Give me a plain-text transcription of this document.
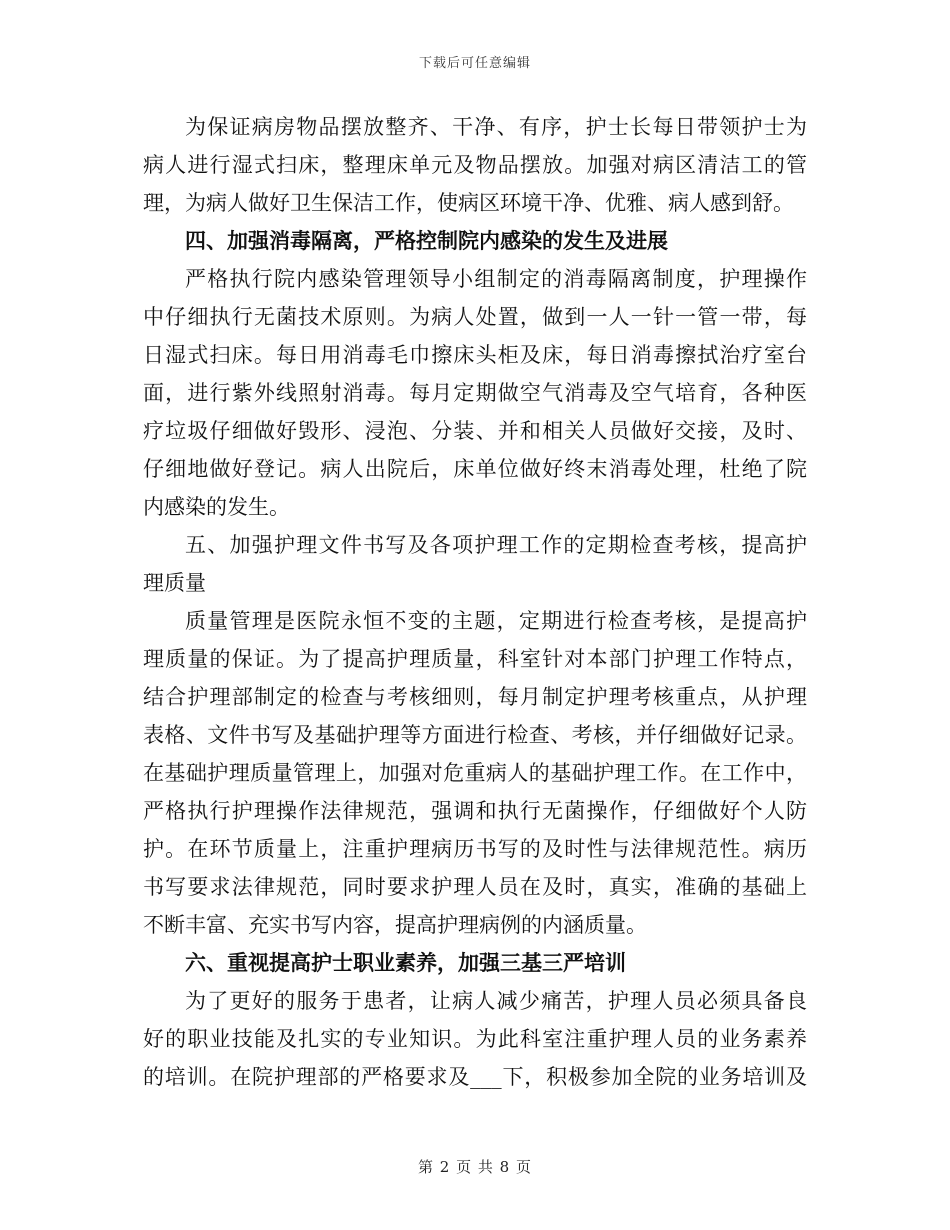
下载后可任意编辑
为保证病房物品摆放整齐、干净、有序，护士长每日带领护士为
病人进行湿式扫床，整理床单元及物品摆放。加强对病区清洁工的管
理，为病人做好卫生保洁工作，使病区环境干净、优雅、病人感到舒。
四、加强消毒隔离，严格控制院内感染的发生及进展
严格执行院内感染管理领导小组制定的消毒隔离制度，护理操作
中仔细执行无菌技术原则。为病人处置，做到一人一针一管一带，每
日湿式扫床。每日用消毒毛巾擦床头柜及床，每日消毒擦拭治疗室台
面，进行紫外线照射消毒。每月定期做空气消毒及空气培育，各种医
疗垃圾仔细做好毁形、浸泡、分装、并和相关人员做好交接，及时、
仔细地做好登记。病人出院后，床单位做好终末消毒处理，杜绝了院
内感染的发生。
五、加强护理文件书写及各项护理工作的定期检查考核，提高护
理质量
质量管理是医院永恒不变的主题，定期进行检查考核，是提高护
理质量的保证。为了提高护理质量，科室针对本部门护理工作特点，
结合护理部制定的检查与考核细则，每月制定护理考核重点，从护理
表格、文件书写及基础护理等方面进行检查、考核，并仔细做好记录。
在基础护理质量管理上，加强对危重病人的基础护理工作。在工作中，
严格执行护理操作法律规范，强调和执行无菌操作，仔细做好个人防
护。在环节质量上，注重护理病历书写的及时性与法律规范性。病历
书写要求法律规范，同时要求护理人员在及时，真实，准确的基础上
不断丰富、充实书写内容，提高护理病例的内涵质量。
六、重视提高护士职业素养，加强三基三严培训
为了更好的服务于患者，让病人减少痛苦，护理人员必须具备良
好的职业技能及扎实的专业知识。为此科室注重护理人员的业务素养
的培训。在院护理部的严格要求及___下，积极参加全院的业务培训及
第 2 页 共 8 页
